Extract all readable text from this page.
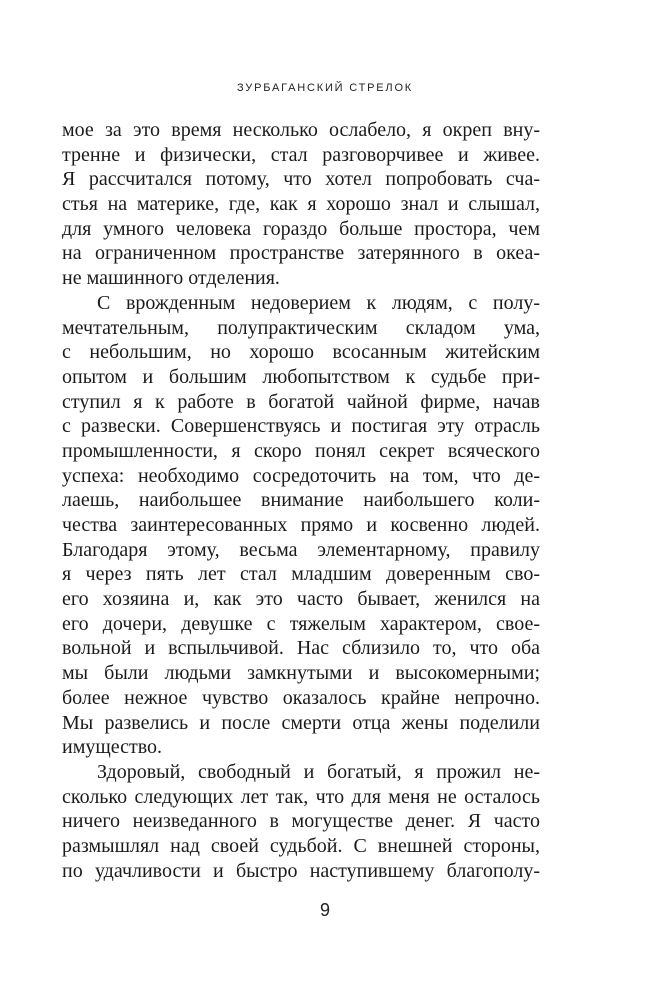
ЗУРБАГАНСКИЙ СТРЕЛОК
мое за это время несколько ослабело, я окреп вну-
тренне и физически, стал разговорчивее и живее.
Я рассчитался потому, что хотел попробовать сча-
стья на материке, где, как я хорошо знал и слышал,
для умного человека гораздо больше простора, чем
на ограниченном пространстве затерянного в океа-
не машинного отделения.
С врожденным недоверием к людям, с полу-
мечтательным, полупрактическим складом ума,
с небольшим, но хорошо всосанным житейским
опытом и большим любопытством к судьбе при-
ступил я к работе в богатой чайной фирме, начав
с развески. Совершенствуясь и постигая эту отрасль
промышленности, я скоро понял секрет всяческого
успеха: необходимо сосредоточить на том, что де-
лаешь, наибольшее внимание наибольшего коли-
чества заинтересованных прямо и косвенно людей.
Благодаря этому, весьма элементарному, правилу
я через пять лет стал младшим доверенным сво-
его хозяина и, как это часто бывает, женился на
его дочери, девушке с тяжелым характером, свое-
вольной и вспыльчивой. Нас сблизило то, что оба
мы были людьми замкнутыми и высокомерными;
более нежное чувство оказалось крайне непрочно.
Мы развелись и после смерти отца жены поделили
имущество.
Здоровый, свободный и богатый, я прожил не-
сколько следующих лет так, что для меня не осталось
ничего неизведанного в могуществе денег. Я часто
размышлял над своей судьбой. С внешней стороны,
по удачливости и быстро наступившему благополу-
9
